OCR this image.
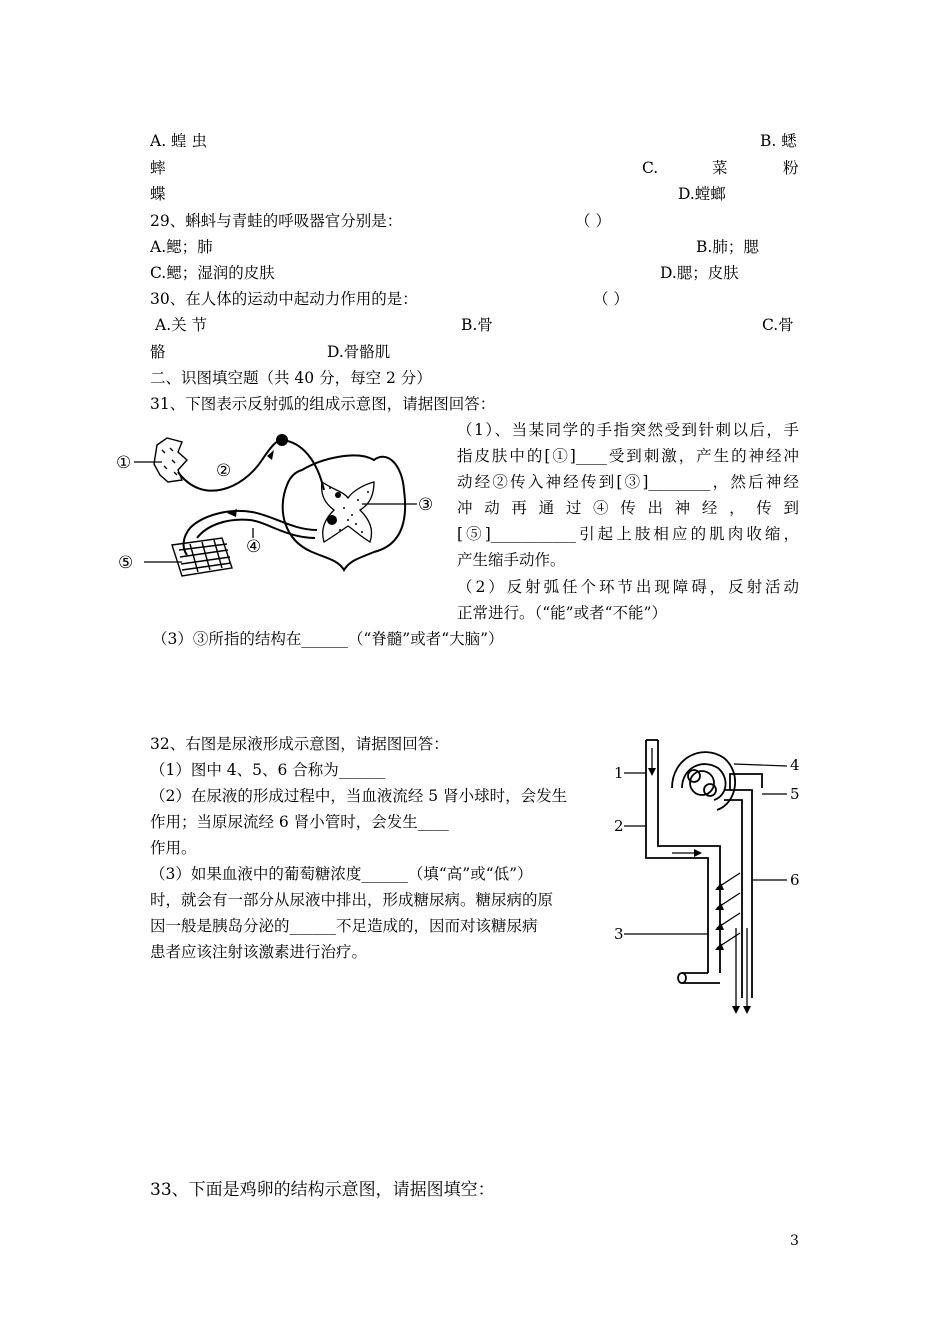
A. 蝗 虫	B. 蟋
蟀	C.	菜	粉
蝶	D.螳螂
29、蝌蚪与青蛙的呼吸器官分别是：	（ ）
A.鳃；肺	B.肺；腮
C.鳃；湿润的皮肤	D.腮；皮肤
30、在人体的运动中起动力作用的是：	（ ）
A.关 节	B.骨	C.骨
骼	D.骨骼肌
二、识图填空题（共 40 分，每空 2 分）
31、下图表示反射弧的组成示意图，请据图回答：
（1）、当某同学的手指突然受到针刺以后，手
指皮肤中的[①]____受到刺激，产生的神经冲
动经②传入神经传到[③]________，然后神经
冲 动 再 通 过 ④ 传 出 神 经 ， 传 到
[⑤]___________引起上肢相应的肌肉收缩，
产生缩手动作。
（2）反射弧任个环节出现障碍，反射活动
正常进行。（“能”或者“不能”）
（3）③所指的结构在______（“脊髓”或者“大脑”）
①	②
③
④
⑤
32、右图是尿液形成示意图，请据图回答：
（1）图中 4、5、6 合称为______
（2）在尿液的形成过程中，当血液流经 5 肾小球时，会发生
作用；当原尿流经 6 肾小管时，会发生____
作用。
（3）如果血液中的葡萄糖浓度______（填“高”或“低”）
时，就会有一部分从尿液中排出，形成糖尿病。糖尿病的原
因一般是胰岛分泌的______不足造成的，因而对该糖尿病
患者应该注射该激素进行治疗。
1
2
3
4
5
6
33、下面是鸡卵的结构示意图，请据图填空：
3
